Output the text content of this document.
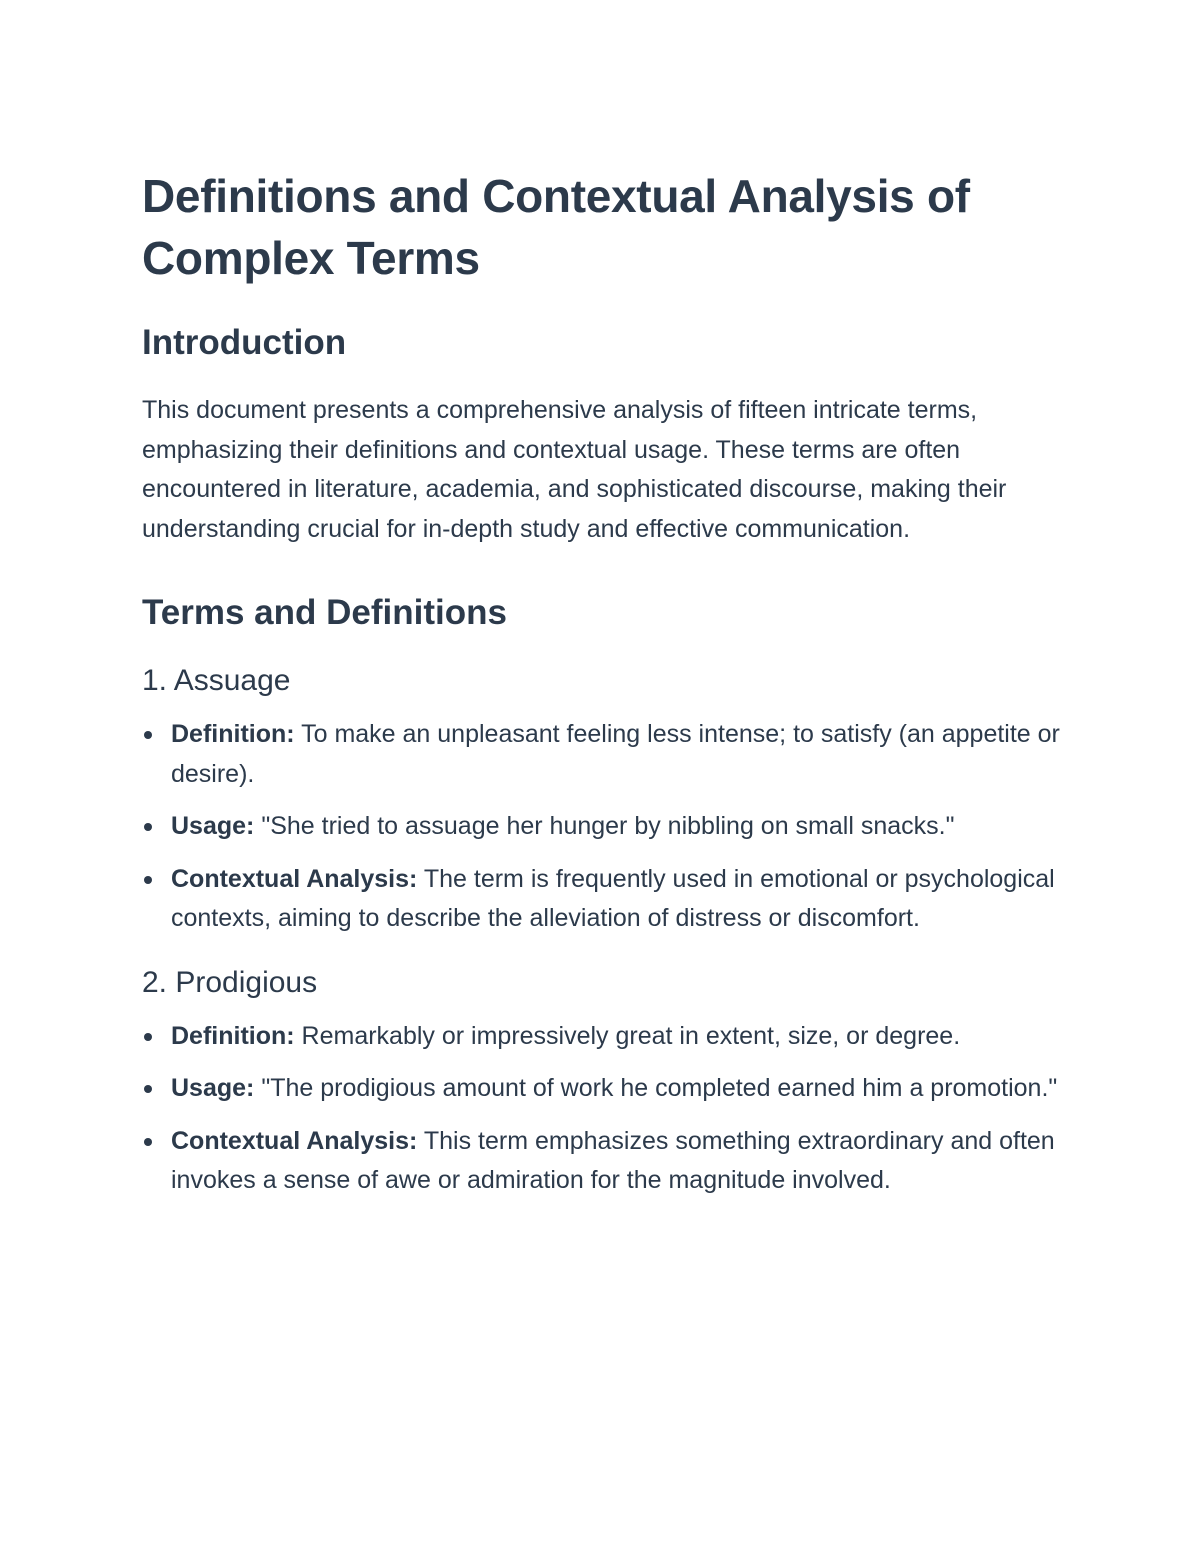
Definitions and Contextual Analysis of Complex Terms
Introduction

This document presents a comprehensive analysis of fifteen intricate terms, emphasizing their definitions and contextual usage. These terms are often encountered in literature, academia, and sophisticated discourse, making their understanding crucial for in-depth study and effective communication.

Terms and Definitions
1. Assuage
Definition: To make an unpleasant feeling less intense; to satisfy (an appetite or desire).
Usage: "She tried to assuage her hunger by nibbling on small snacks."
Contextual Analysis: The term is frequently used in emotional or psychological contexts, aiming to describe the alleviation of distress or discomfort.
2. Prodigious
Definition: Remarkably or impressively great in extent, size, or degree.
Usage: "The prodigious amount of work he completed earned him a promotion."
Contextual Analysis: This term emphasizes something extraordinary and often invokes a sense of awe or admiration for the magnitude involved.
